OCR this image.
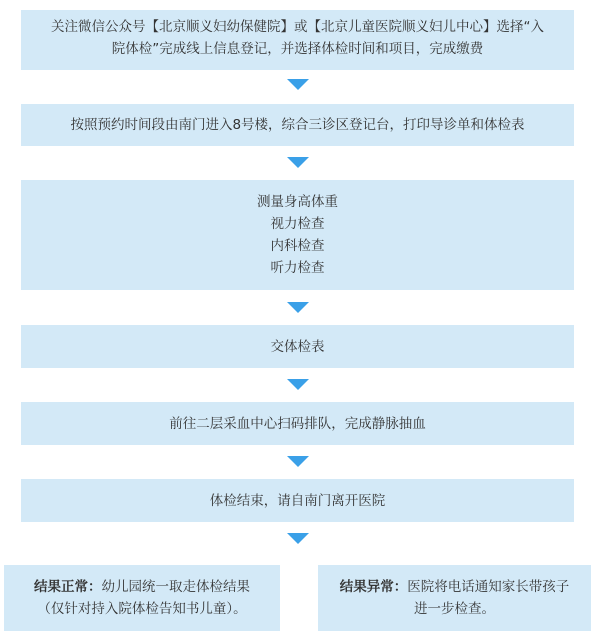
关注微信公众号【北京顺义妇幼保健院】或【北京儿童医院顺义妇儿中心】选择“入
院体检”完成线上信息登记，并选择体检时间和项目，完成缴费
按照预约时间段由南门进入8号楼，综合三诊区登记台，打印导诊单和体检表
测量身高体重
视力检查
内科检查
听力检查
交体检表
前往二层采血中心扫码排队，完成静脉抽血
体检结束，请自南门离开医院
结果正常：幼儿园统一取走体检结果
（仅针对持入院体检告知书儿童）。
结果异常：医院将电话通知家长带孩子
进一步检查。
